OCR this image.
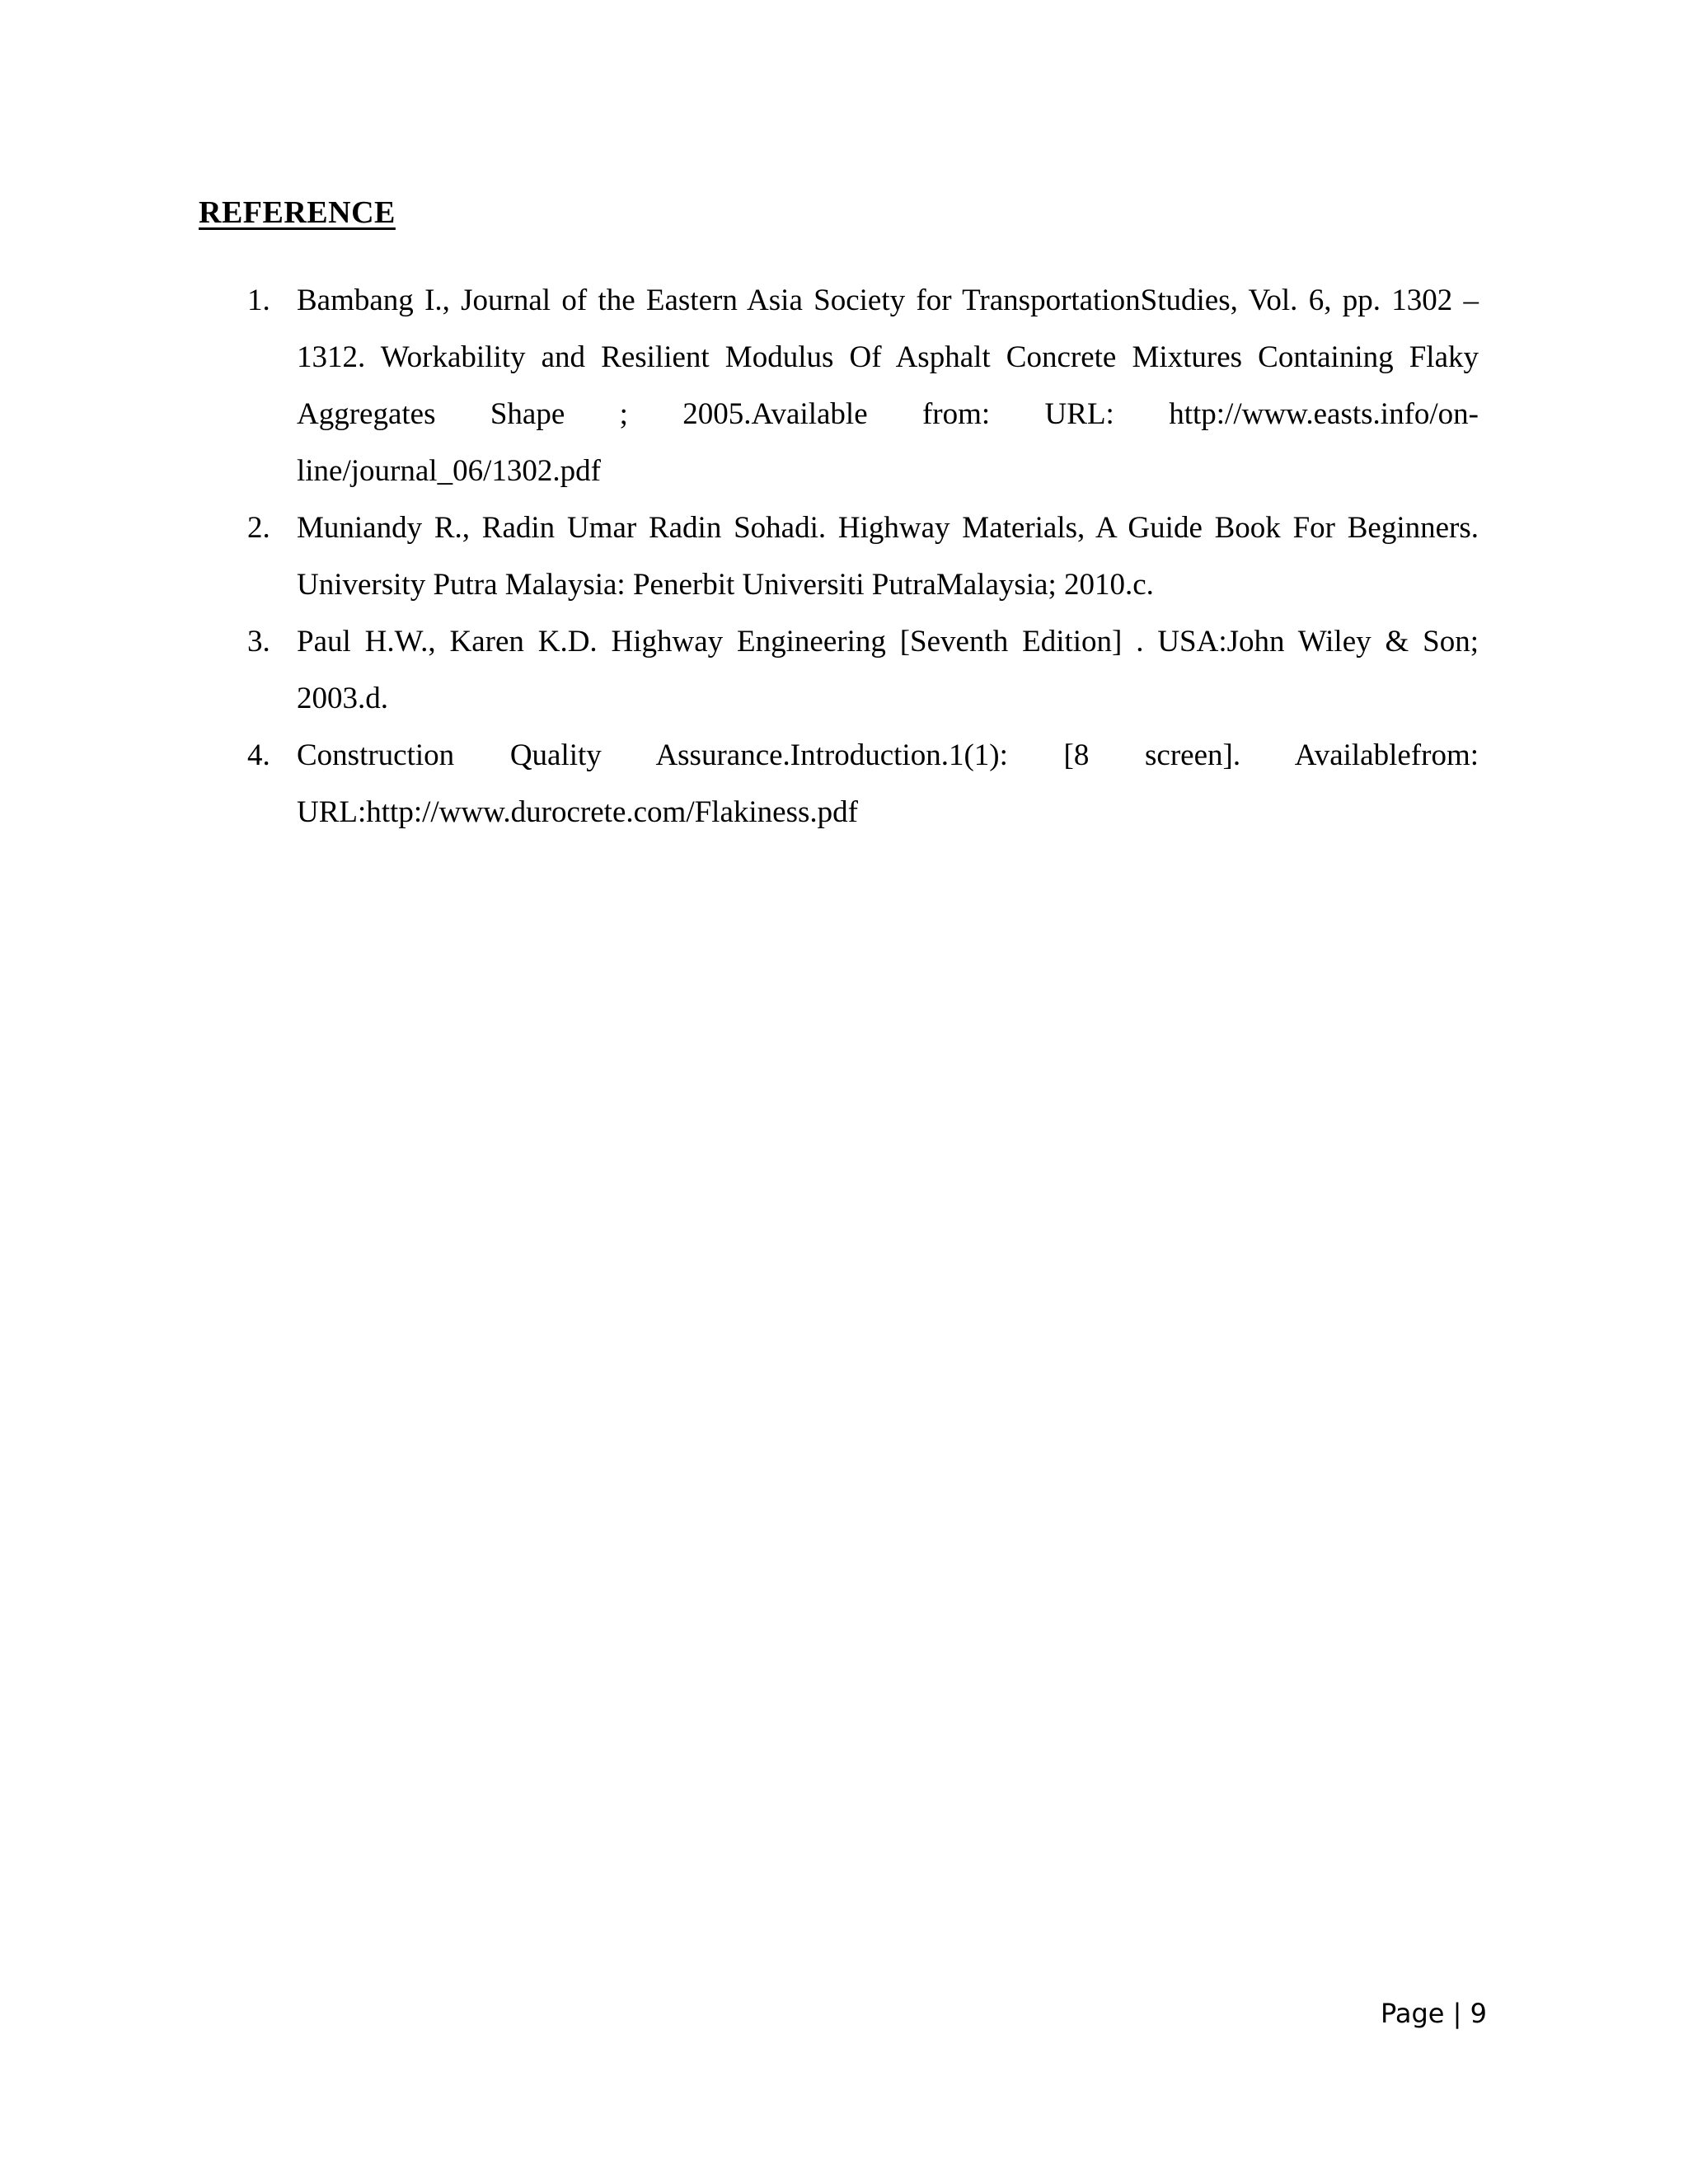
REFERENCE
1. Bambang I., Journal of the Eastern Asia Society for TransportationStudies, Vol. 6, pp. 1302 –1312. Workability and Resilient Modulus Of Asphalt Concrete Mixtures Containing Flaky Aggregates Shape ; 2005.Available from: URL: http://www.easts.info/on-line/journal_06/1302.pdf
2. Muniandy R., Radin Umar Radin Sohadi. Highway Materials, A Guide Book For Beginners. University Putra Malaysia: Penerbit Universiti PutraMalaysia; 2010.c.
3. Paul H.W., Karen K.D. Highway Engineering [Seventh Edition] . USA:John Wiley & Son; 2003.d.
4. Construction Quality Assurance.Introduction.1(1): [8 screen]. Availablefrom: URL:http://www.durocrete.com/Flakiness.pdf
Page | 9
